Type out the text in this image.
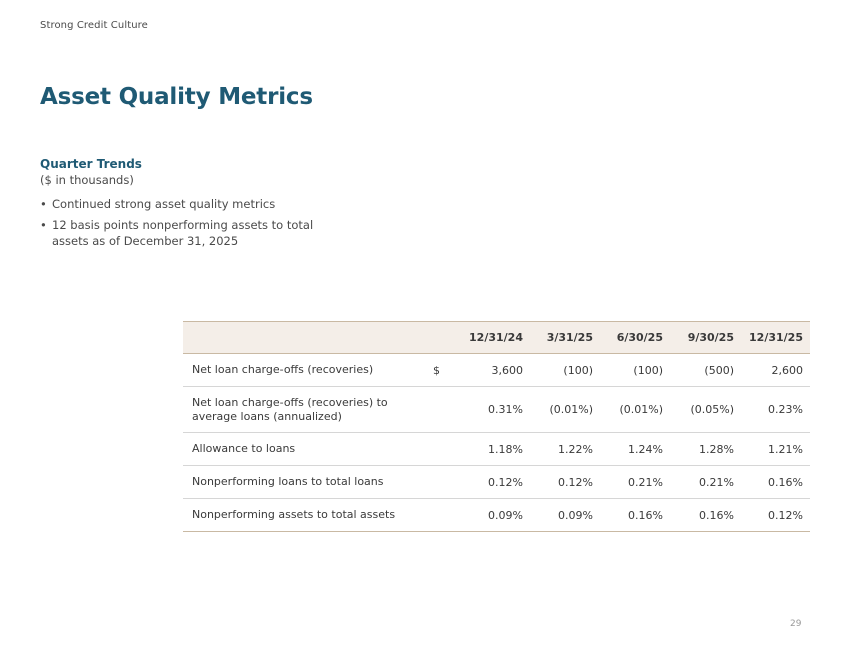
Strong Credit Culture
Asset Quality Metrics
Quarter Trends
($ in thousands)
• Continued strong asset quality metrics
• 12 basis points nonperforming assets to total assets as of December 31, 2025
		12/31/24	3/31/25	6/30/25	9/30/25	12/31/25
Net loan charge-offs (recoveries)	$	3,600	(100)	(100)	(500)	2,600
Net loan charge-offs (recoveries) to average loans (annualized)		0.31%	(0.01%)	(0.01%)	(0.05%)	0.23%
Allowance to loans		1.18%	1.22%	1.24%	1.28%	1.21%
Nonperforming loans to total loans		0.12%	0.12%	0.21%	0.21%	0.16%
Nonperforming assets to total assets		0.09%	0.09%	0.16%	0.16%	0.12%
29
